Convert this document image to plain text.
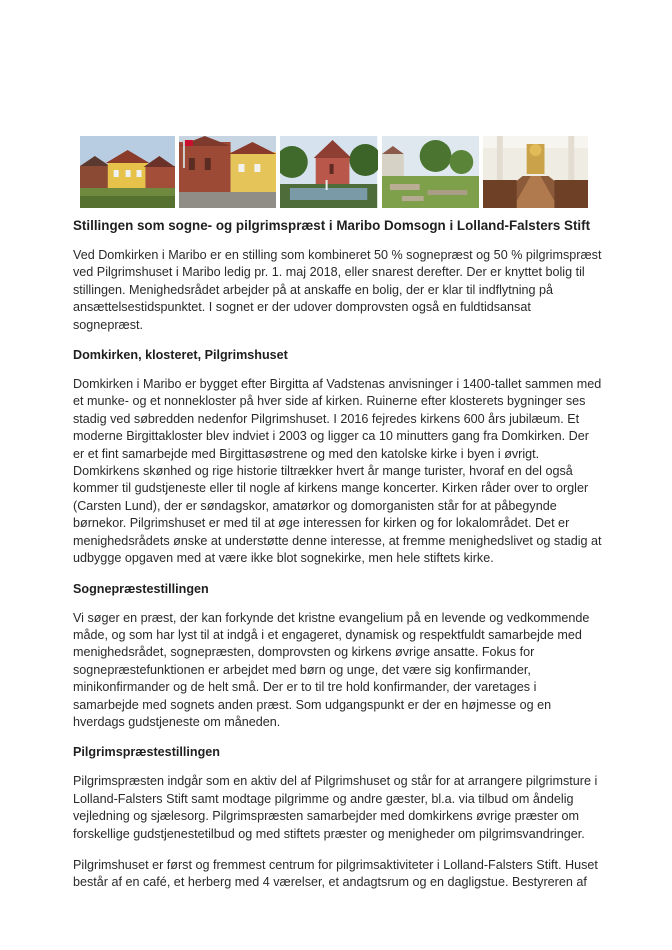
Stillingen som sogne- og pilgrimspræst i Maribo Domsogn i Lolland-Falsters Stift

Ved Domkirken i Maribo er en stilling som kombineret 50 % sognepræst og 50 % pilgrimspræst ved Pilgrimshuset i Maribo ledig pr. 1. maj 2018, eller snarest derefter. Der er knyttet bolig til stillingen. Menighedsrådet arbejder på at anskaffe en bolig, der er klar til indflytning på ansættelsestidspunktet. I sognet er der udover domprovsten også en fuldtidsansat sognepræst.

Domkirken, klosteret, Pilgrimshuset

Domkirken i Maribo er bygget efter Birgitta af Vadstenas anvisninger i 1400-tallet sammen med et munke- og et nonnekloster på hver side af kirken. Ruinerne efter klosterets bygninger ses stadig ved søbredden nedenfor Pilgrimshuset. I 2016 fejredes kirkens 600 års jubilæum. Et moderne Birgittakloster blev indviet i 2003 og ligger ca 10 minutters gang fra Domkirken. Der er et fint samarbejde med Birgittasøstrene og med den katolske kirke i byen i øvrigt. Domkirkens skønhed og rige historie tiltrækker hvert år mange turister, hvoraf en del også kommer til gudstjeneste eller til nogle af kirkens mange koncerter. Kirken råder over to orgler (Carsten Lund), der er søndagskor, amatørkor og domorganisten står for at påbegynde børnekor. Pilgrimshuset er med til at øge interessen for kirken og for lokalområdet. Det er menighedsrådets ønske at understøtte denne interesse, at fremme menighedslivet og stadig at udbygge opgaven med at være ikke blot sognekirke, men hele stiftets kirke.

Sognepræstestillingen

Vi søger en præst, der kan forkynde det kristne evangelium på en levende og vedkommende måde, og som har lyst til at indgå i et engageret, dynamisk og respektfuldt samarbejde med menighedsrådet, sognepræsten, domprovsten og kirkens øvrige ansatte. Fokus for sognepræstefunktionen er arbejdet med børn og unge, det være sig konfirmander, minikonfirmander og de helt små. Der er to til tre hold konfirmander, der varetages i samarbejde med sognets anden præst. Som udgangspunkt er der en højmesse og en hverdags gudstjeneste om måneden.

Pilgrimspræstestillingen

Pilgrimspræsten indgår som en aktiv del af Pilgrimshuset og står for at arrangere pilgrimsture i Lolland-Falsters Stift samt modtage pilgrimme og andre gæster, bl.a. via tilbud om åndelig vejledning og sjælesorg. Pilgrimspræsten samarbejder med domkirkens øvrige præster om forskellige gudstjenestetilbud og med stiftets præster og menigheder om pilgrimsvandringer.

Pilgrimshuset er først og fremmest centrum for pilgrimsaktiviteter i Lolland-Falsters Stift. Huset består af en café, et herberg med 4 værelser, et andagtsrum og en dagligstue. Bestyreren af
